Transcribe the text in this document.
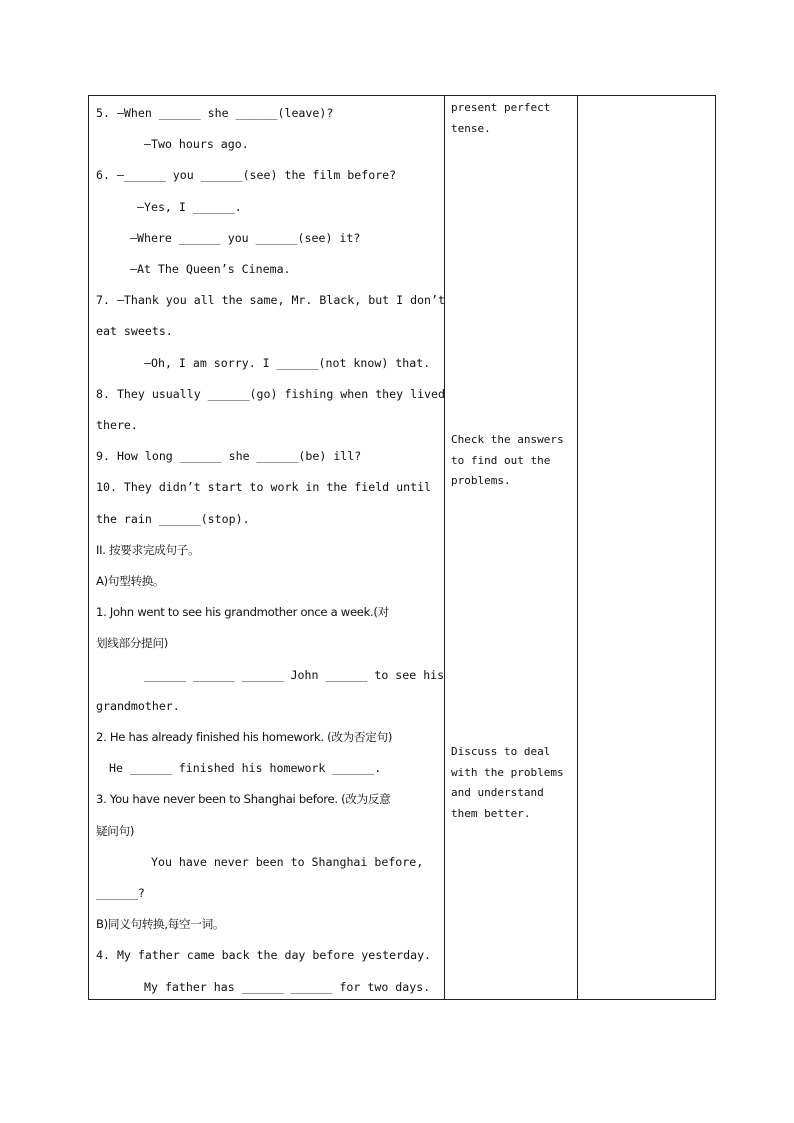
5. —When ______ she ______(leave)?
—Two hours ago.
6. —______ you ______(see) the film before?
—Yes, I ______.
—Where ______ you ______(see) it?
—At The Queen’s Cinema.
7. —Thank you all the same, Mr. Black, but I don’t
eat sweets.
—Oh, I am sorry. I ______(not know) that.
8. They usually ______(go) fishing when they lived
there.
9. How long ______ she ______(be) ill?
10. They didn’t start to work in the field until
the rain ______(stop).
II. 按要求完成句子。
A)句型转换。
1. John went to see his grandmother once a week.(对
划线部分提问)
______ ______ ______ John ______ to see his
grandmother.
2. He has already finished his homework. (改为否定句)
He ______ finished his homework ______.
3. You have never been to Shanghai before. (改为反意
疑问句)
You have never been to Shanghai before,
______?
B)同义句转换,每空一词。
4. My father came back the day before yesterday.
My father has ______ ______ for two days.
present perfect
tense.
Check the answers
to find out the
problems.
Discuss to deal
with the problems
and understand
them better.
